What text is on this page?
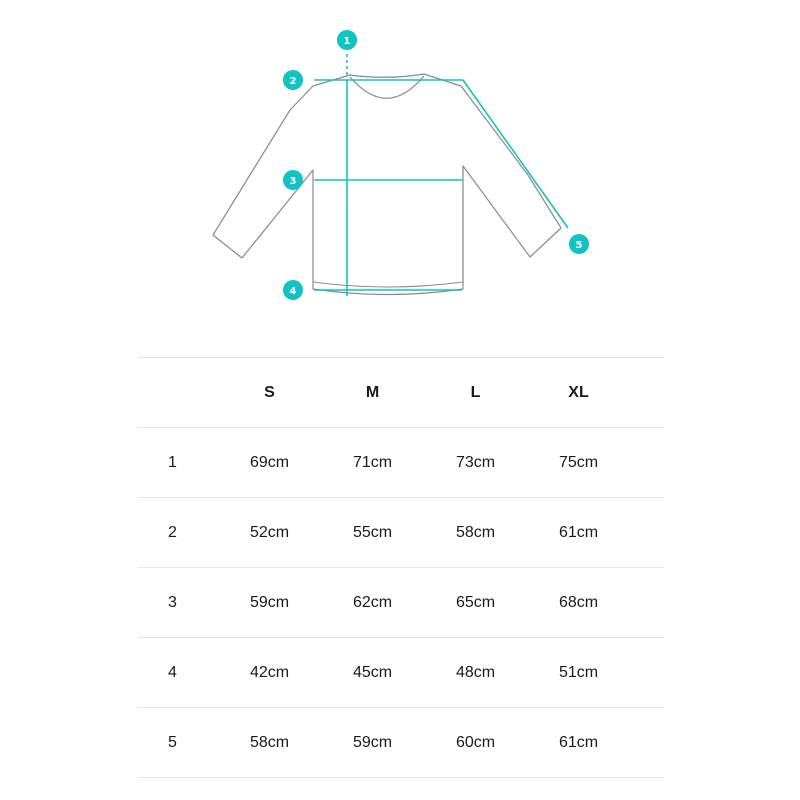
1
2
3
4
5
	S	M	L	XL	
1	69cm	71cm	73cm	75cm	
2	52cm	55cm	58cm	61cm	
3	59cm	62cm	65cm	68cm	
4	42cm	45cm	48cm	51cm	
5	58cm	59cm	60cm	61cm	
